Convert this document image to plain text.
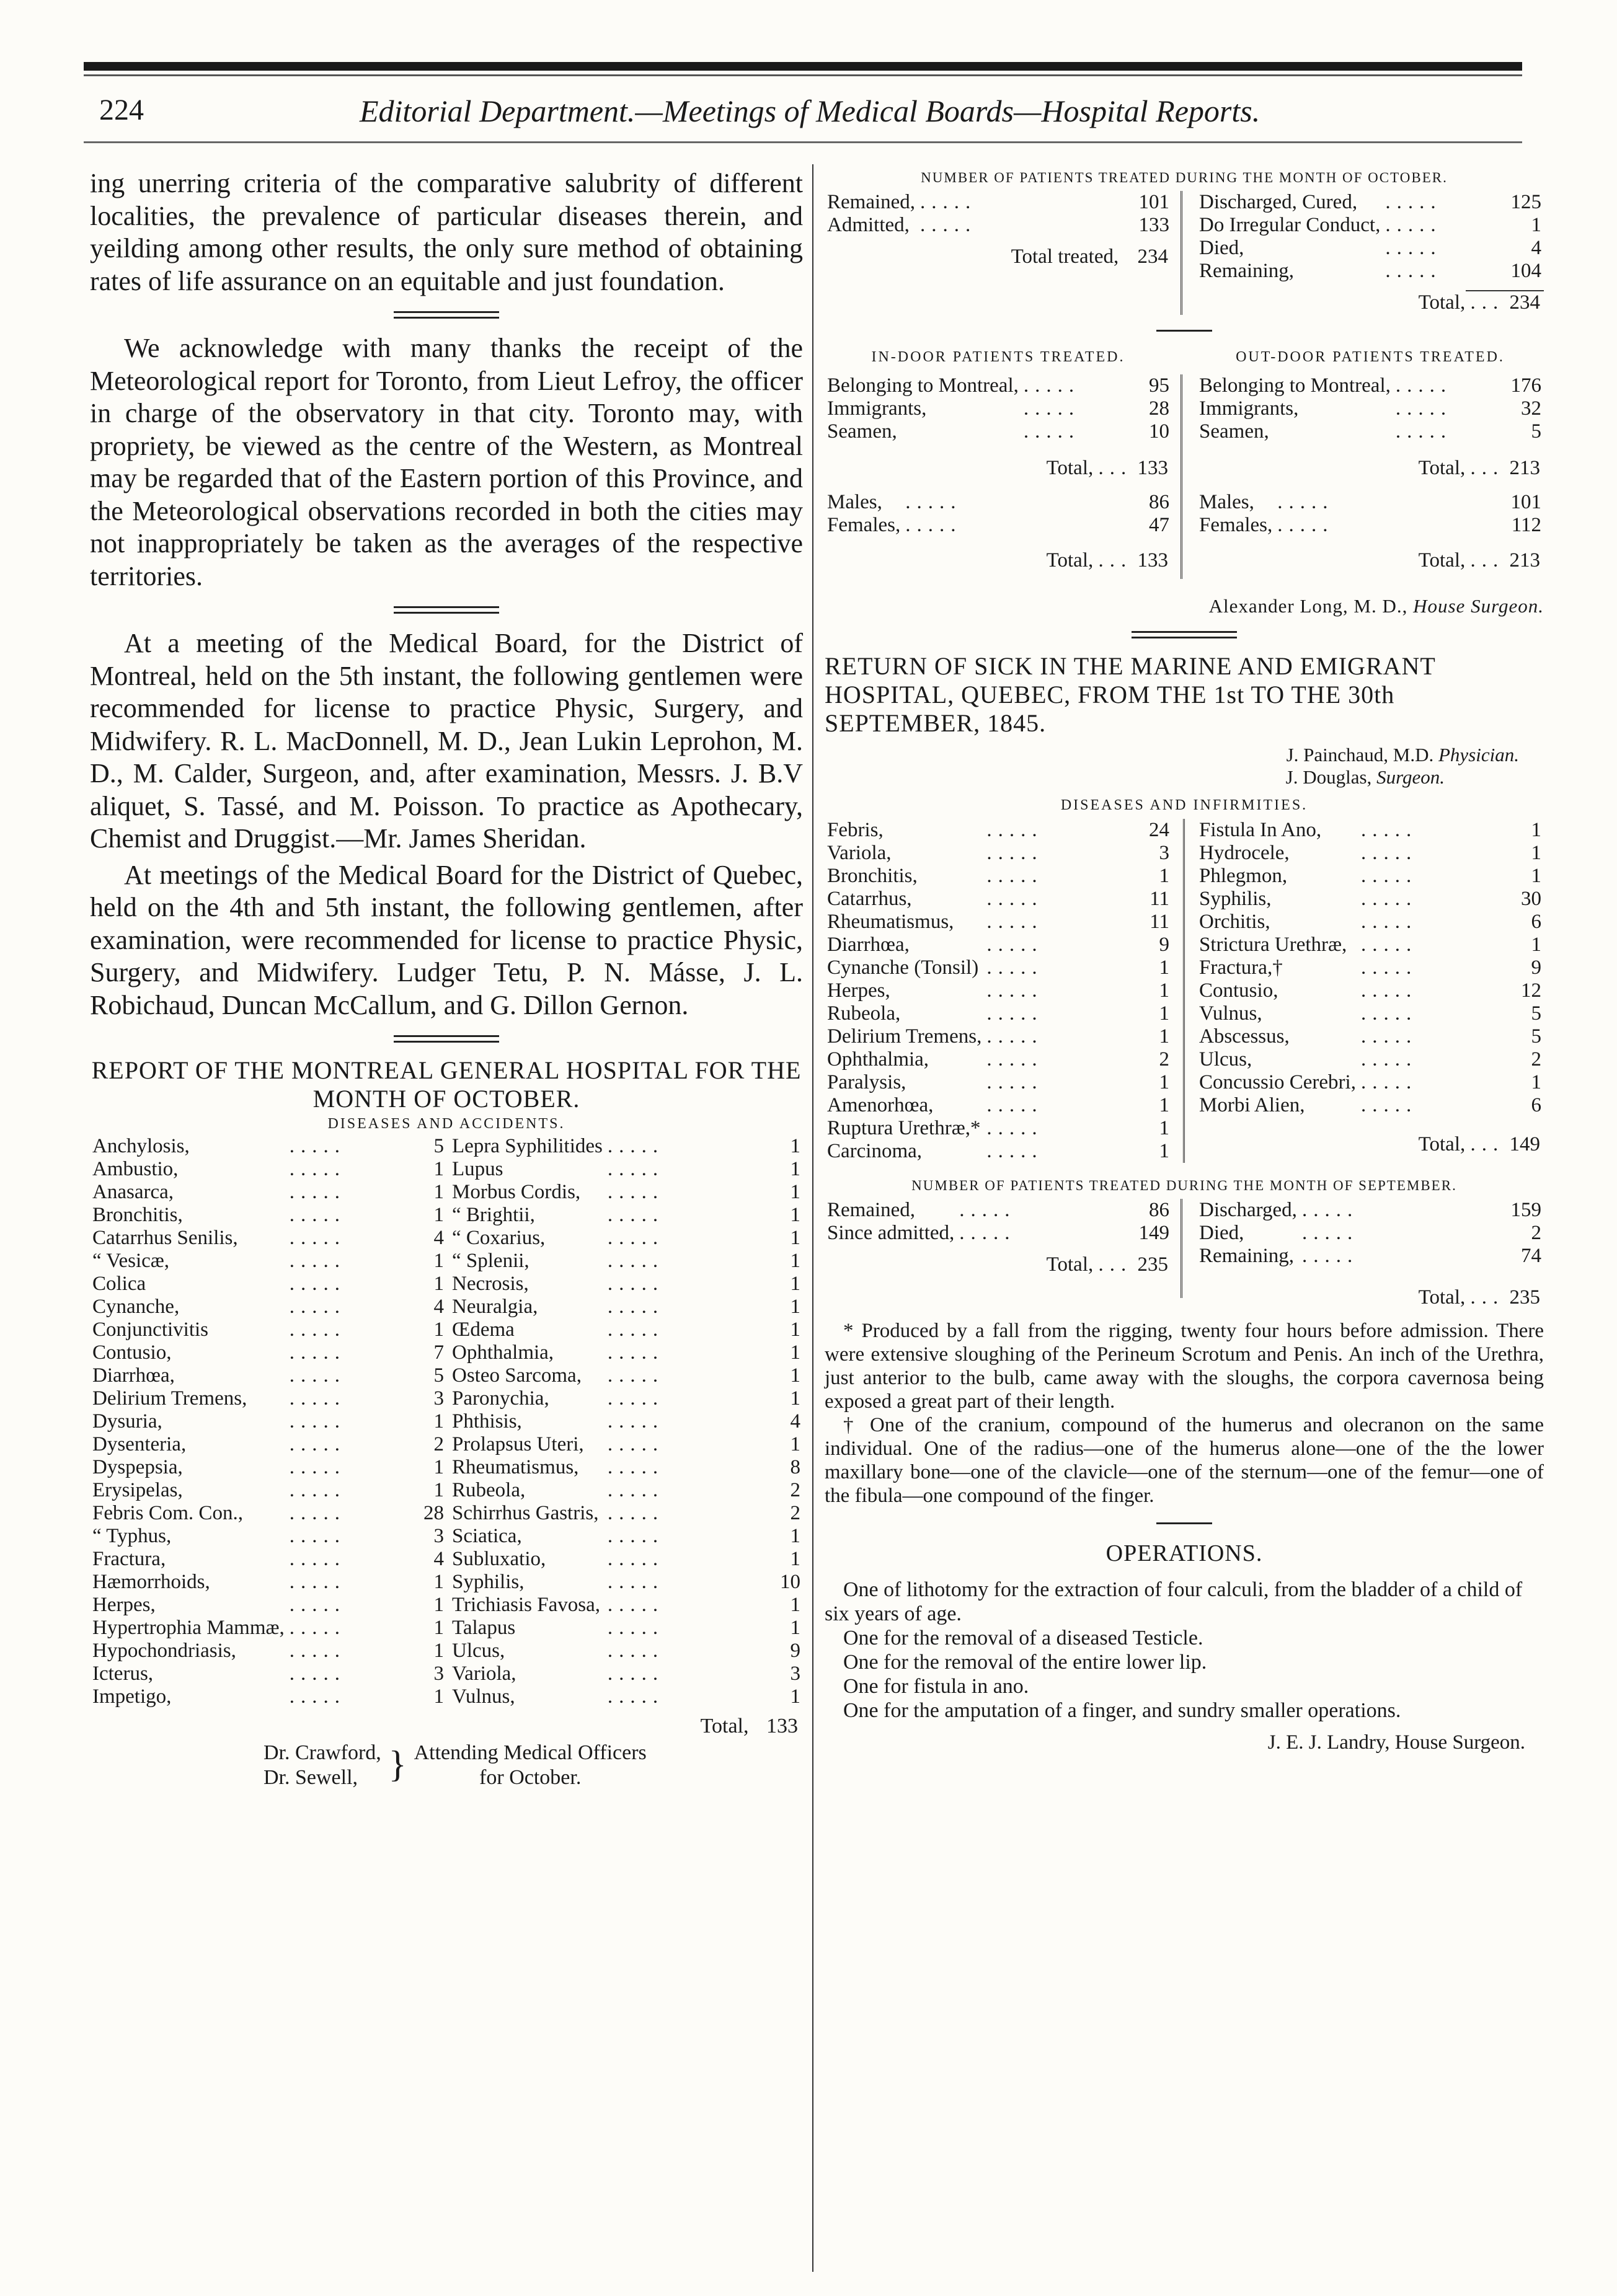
224	Editorial Department.—Meetings of Medical Boards—Hospital Reports.

ing unerring criteria of the comparative salubrity of different localities, the prevalence of particular diseases therein, and yeilding among other results, the only sure method of obtaining rates of life assurance on an equitable and just foundation.

We acknowledge with many thanks the receipt of the Meteorological report for Toronto, from Lieut Lefroy, the officer in charge of the observatory in that city. Toronto may, with propriety, be viewed as the centre of the Western, as Montreal may be regarded that of the Eastern portion of this Province, and the Meteorological observations recorded in both the cities may not inappropriately be taken as the averages of the respective territories.

At a meeting of the Medical Board, for the District of Montreal, held on the 5th instant, the following gentlemen were recommended for license to practice Physic, Surgery, and Midwifery. R. L. MacDonnell, M. D., Jean Lukin Leprohon, M. D., M. Calder, Surgeon, and, after examination, Messrs. J. B.V aliquet, S. Tassé, and M. Poisson. To practice as Apothecary, Chemist and Druggist.—Mr. James Sheridan.

At meetings of the Medical Board for the District of Quebec, held on the 4th and 5th instant, the following gentlemen, after examination, were recommended for license to practice Physic, Surgery, and Midwifery. Ludger Tetu, P. N. Másse, J. L. Robichaud, Duncan McCallum, and G. Dillon Gernon.

REPORT OF THE MONTREAL GENERAL HOSPITAL FOR THE MONTH OF OCTOBER.
DISEASES AND ACCIDENTS.
Anchylosis,	.....	5
Ambustio,	.....	1
Anasarca,	.....	1
Bronchitis,	.....	1
Catarrhus Senilis,	.....	4
“ Vesicæ,	.....	1
Colica	.....	1
Cynanche,	.....	4
Conjunctivitis	.....	1
Contusio,	.....	7
Diarrhœa,	.....	5
Delirium Tremens,	.....	3
Dysuria,	.....	1
Dysenteria,	.....	2
Dyspepsia,	.....	1
Erysipelas,	.....	1
Febris Com. Con.,	.....	28
“ Typhus,	.....	3
Fractura,	.....	4
Hæmorrhoids,	.....	1
Herpes,	.....	1
Hypertrophia Mammæ,	.....	1
Hypochondriasis,	.....	1
Icterus,	.....	3
Impetigo,	.....	1
Lepra Syphilitides	.....	1
Lupus	.....	1
Morbus Cordis,	.....	1
“ Brightii,	.....	1
“ Coxarius,	.....	1
“ Splenii,	.....	1
Necrosis,	.....	1
Neuralgia,	.....	1
Œdema	.....	1
Ophthalmia,	.....	1
Osteo Sarcoma,	.....	1
Paronychia,	.....	1
Phthisis,	.....	4
Prolapsus Uteri,	.....	1
Rheumatismus,	.....	8
Rubeola,	.....	2
Schirrhus Gastris,	.....	2
Sciatica,	.....	1
Subluxatio,	.....	1
Syphilis,	.....	10
Trichiasis Favosa,	.....	1
Talapus	.....	1
Ulcus,	.....	9
Variola,	.....	3
Vulnus,	.....	1
Total, 133
Dr. Crawford,
Dr. Sewell, } Attending Medical Officers
for October.
NUMBER OF PATIENTS TREATED DURING THE MONTH OF OCTOBER.
Remained,	.....	101
Admitted,	.....	133
Total treated, 234
Discharged, Cured,	.....	125
Do Irregular Conduct,	.....	1
Died,	.....	4
Remaining,	.....	104
Total, ... 234
IN-DOOR PATIENTS TREATED.	OUT-DOOR PATIENTS TREATED.
Belonging to Montreal,	.....	95
Immigrants,	.....	28
Seamen,	.....	10
Total, ... 133
Males,	.....	86
Females,	.....	47
Total, ... 133
Belonging to Montreal,	.....	176
Immigrants,	.....	32
Seamen,	.....	5
Total, ... 213
Males,	.....	101
Females,	.....	112
Total, ... 213
Alexander Long, M. D., House Surgeon.
RETURN OF SICK IN THE MARINE AND EMIGRANT HOSPITAL, QUEBEC, FROM THE 1st TO THE 30th SEPTEMBER, 1845.
J. Painchaud, M.D. Physician.
J. Douglas, Surgeon.
DISEASES AND INFIRMITIES.
Febris,	.....	24
Variola,	.....	3
Bronchitis,	.....	1
Catarrhus,	.....	11
Rheumatismus,	.....	11
Diarrhœa,	.....	9
Cynanche (Tonsil)	.....	1
Herpes,	.....	1
Rubeola,	.....	1
Delirium Tremens,	.....	1
Ophthalmia,	.....	2
Paralysis,	.....	1
Amenorhœa,	.....	1
Ruptura Urethræ,*	.....	1
Carcinoma,	.....	1
Fistula In Ano,	.....	1
Hydrocele,	.....	1
Phlegmon,	.....	1
Syphilis,	.....	30
Orchitis,	.....	6
Strictura Urethræ,	.....	1
Fractura,†	.....	9
Contusio,	.....	12
Vulnus,	.....	5
Abscessus,	.....	5
Ulcus,	.....	2
Concussio Cerebri,	.....	1
Morbi Alien,	.....	6
Total, ... 149
NUMBER OF PATIENTS TREATED DURING THE MONTH OF SEPTEMBER.
Remained,	.....	86
Since admitted,	.....	149
Total, ... 235
Discharged,	.....	159
Died,	.....	2
Remaining,	.....	74
Total, ... 235

* Produced by a fall from the rigging, twenty four hours before admission. There were extensive sloughing of the Perineum Scrotum and Penis. An inch of the Urethra, just anterior to the bulb, came away with the sloughs, the corpora cavernosa being exposed a great part of their length.

† One of the cranium, compound of the humerus and olecranon on the same individual. One of the radius—one of the humerus alone—one of the the lower maxillary bone—one of the clavicle—one of the sternum—one of the femur—one of the fibula—one compound of the finger.

OPERATIONS.

One of lithotomy for the extraction of four calculi, from the bladder of a child of six years of age.

One for the removal of a diseased Testicle.

One for the removal of the entire lower lip.

One for fistula in ano.

One for the amputation of a finger, and sundry smaller operations.

J. E. J. Landry, House Surgeon.
